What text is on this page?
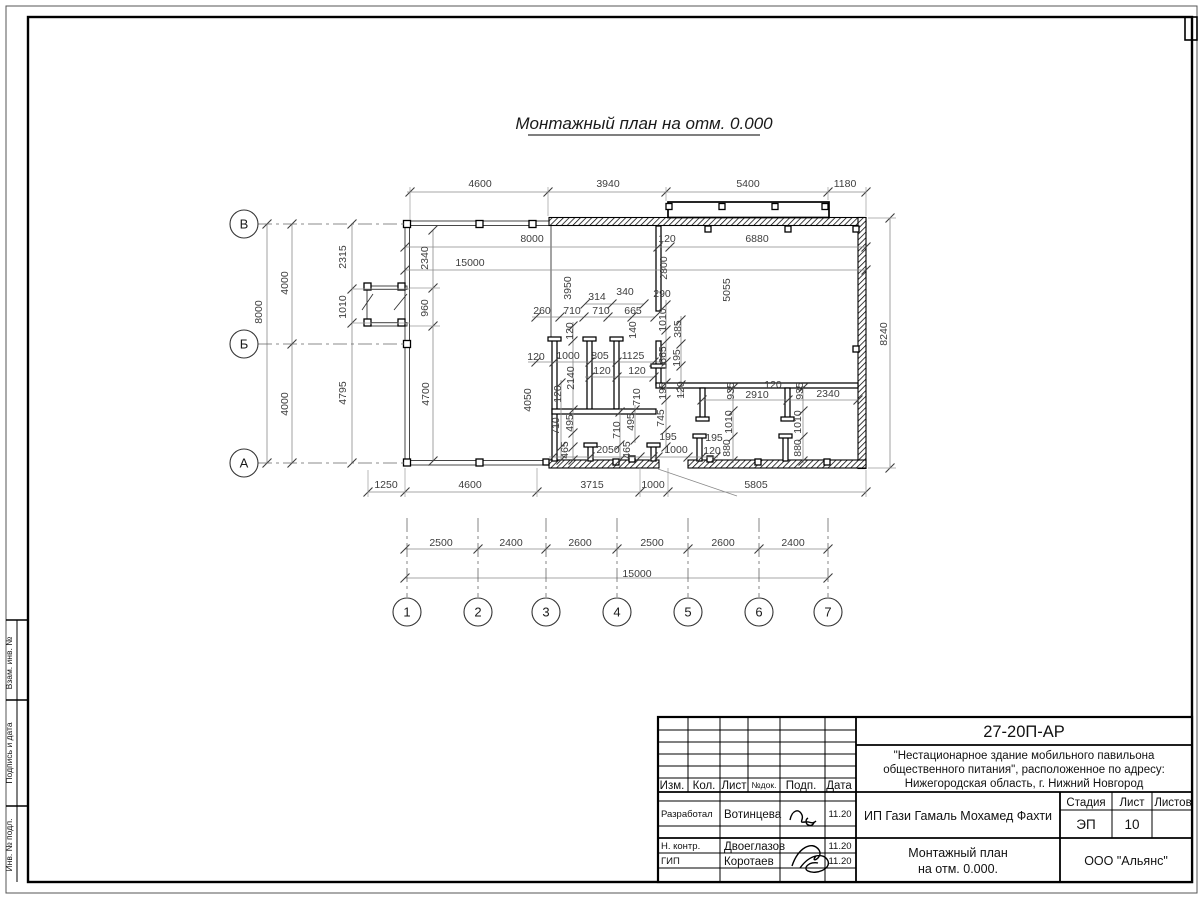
Взам. инв. №
Подпись и дата
Инв. № подл.
Монтажный план на отм. 0.000
4600	3940	5400	1180
8000	120	6880
15000
8000
4000
4000
2315
1010
4795
2340
960
4700
3950
2800
5055
290
314 340
260 710 710 665
140 1010 385
120
120 1000 805 1125 665 195
120 120
2140
120	710 195 120
745
495
710	710 495
4050
465 2050 465
195
1000
195
120
120
2910
935	935 2340
1010	1010
880	880
8240
1250	4600	3715	1000	5805
2500	2400	2600	2500	2600	2400
15000
В
Б
А
1	2	3	4	5	6	7
Изм. Кол. Лист №док. Подп. Дата
Разработал Вотинцева	11.20
Н. контр. Двоеглазов	11.20
ГИП	Коротаев	11.20
27-20П-АР
"Нестационарное здание мобильного павильона
общественного питания", расположенное по адресу:
Нижегородская область, г. Нижний Новгород
ИП Гази Гамаль Мохамед Фахти
Стадия Лист Листов
ЭП 10
Монтажный план
на отм. 0.000.
ООО "Альянс"
